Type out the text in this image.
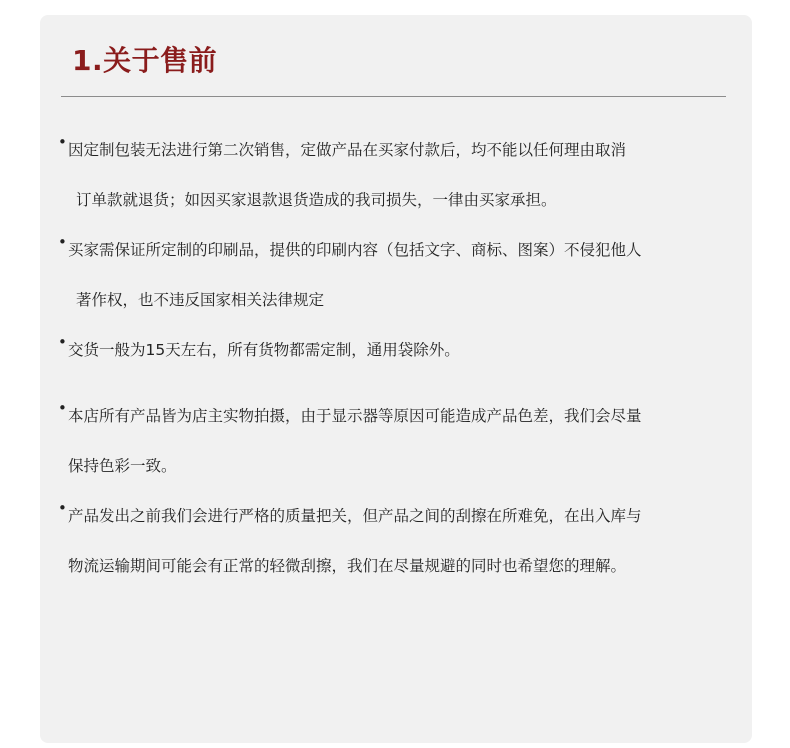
1.关于售前
• 因定制包装无法进行第二次销售，定做产品在买家付款后，均不能以任何理由取消
订单款就退货；如因买家退款退货造成的我司损失，一律由买家承担。
• 买家需保证所定制的印刷品，提供的印刷内容（包括文字、商标、图案）不侵犯他人
著作权，也不违反国家相关法律规定
• 交货一般为15天左右，所有货物都需定制，通用袋除外。
• 本店所有产品皆为店主实物拍摄，由于显示器等原因可能造成产品色差，我们会尽量
保持色彩一致。
• 产品发出之前我们会进行严格的质量把关，但产品之间的刮擦在所难免，在出入库与
物流运输期间可能会有正常的轻微刮擦，我们在尽量规避的同时也希望您的理解。
